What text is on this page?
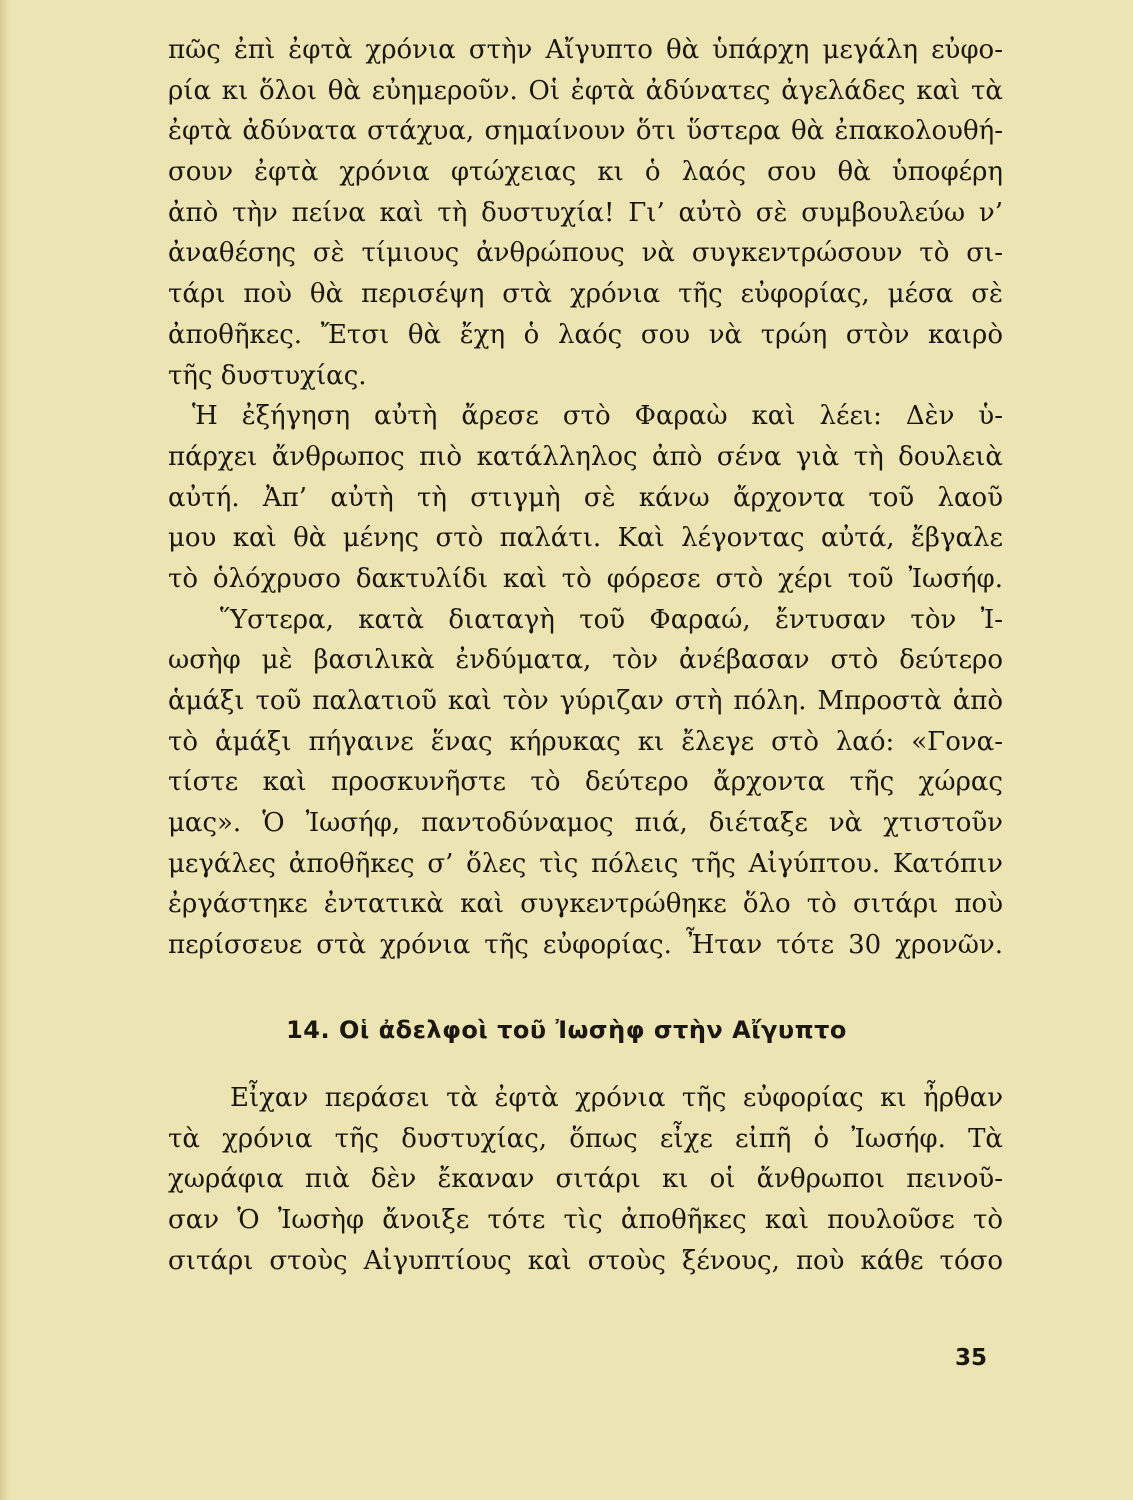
πῶς ἐπὶ ἐφτὰ χρόνια στὴν Αἴγυπτο θὰ ὑπάρχη μεγάλη εὐφο-
ρία κι ὅλοι θὰ εὐημεροῦν. Οἱ ἐφτὰ ἀδύνατες ἀγελάδες καὶ τὰ
ἐφτὰ ἀδύνατα στάχυα, σημαίνουν ὅτι ὕστερα θὰ ἐπακολουθή-
σουν ἐφτὰ χρόνια φτώχειας κι ὁ λαός σου θὰ ὑποφέρη
ἀπὸ τὴν πείνα καὶ τὴ δυστυχία! Γι’ αὐτὸ σὲ συμβουλεύω ν’
ἀναθέσης σὲ τίμιους ἀνθρώπους νὰ συγκεντρώσουν τὸ σι-
τάρι ποὺ θὰ περισέψη στὰ χρόνια τῆς εὐφορίας, μέσα σὲ
ἀποθῆκες. Ἔτσι θὰ ἔχη ὁ λαός σου νὰ τρώη στὸν καιρὸ
τῆς δυστυχίας.
Ἡ ἐξήγηση αὐτὴ ἄρεσε στὸ Φαραὼ καὶ λέει: Δὲν ὑ-
πάρχει ἄνθρωπος πιὸ κατάλληλος ἀπὸ σένα γιὰ τὴ δουλειὰ
αὐτή. Ἀπ’ αὐτὴ τὴ στιγμὴ σὲ κάνω ἄρχοντα τοῦ λαοῦ
μου καὶ θὰ μένης στὸ παλάτι. Καὶ λέγοντας αὐτά, ἔβγαλε
τὸ ὁλόχρυσο δακτυλίδι καὶ τὸ φόρεσε στὸ χέρι τοῦ Ἰωσήφ.
Ὕστερα, κατὰ διαταγὴ τοῦ Φαραώ, ἔντυσαν τὸν Ἰ-
ωσὴφ μὲ βασιλικὰ ἐνδύματα, τὸν ἀνέβασαν στὸ δεύτερο
ἁμάξι τοῦ παλατιοῦ καὶ τὸν γύριζαν στὴ πόλη. Μπροστὰ ἀπὸ
τὸ ἁμάξι πήγαινε ἕνας κήρυκας κι ἔλεγε στὸ λαό: «Γονα-
τίστε καὶ προσκυνῆστε τὸ δεύτερο ἄρχοντα τῆς χώρας
μας». Ὁ Ἰωσήφ, παντοδύναμος πιά, διέταξε νὰ χτιστοῦν
μεγάλες ἀποθῆκες σ’ ὅλες τὶς πόλεις τῆς Αἰγύπτου. Κατόπιν
ἐργάστηκε ἐντατικὰ καὶ συγκεντρώθηκε ὅλο τὸ σιτάρι ποὺ
περίσσευε στὰ χρόνια τῆς εὐφορίας. Ἦταν τότε 30 χρονῶν.
14. Οἱ ἀδελφοὶ τοῦ Ἰωσὴφ στὴν Αἴγυπτο
Εἶχαν περάσει τὰ ἐφτὰ χρόνια τῆς εὐφορίας κι ἦρθαν
τὰ χρόνια τῆς δυστυχίας, ὅπως εἶχε εἰπῆ ὁ Ἰωσήφ. Τὰ
χωράφια πιὰ δὲν ἔκαναν σιτάρι κι οἱ ἄνθρωποι πεινοῦ-
σαν Ὁ Ἰωσὴφ ἄνοιξε τότε τὶς ἀποθῆκες καὶ πουλοῦσε τὸ
σιτάρι στοὺς Αἰγυπτίους καὶ στοὺς ξένους, ποὺ κάθε τόσο
35
